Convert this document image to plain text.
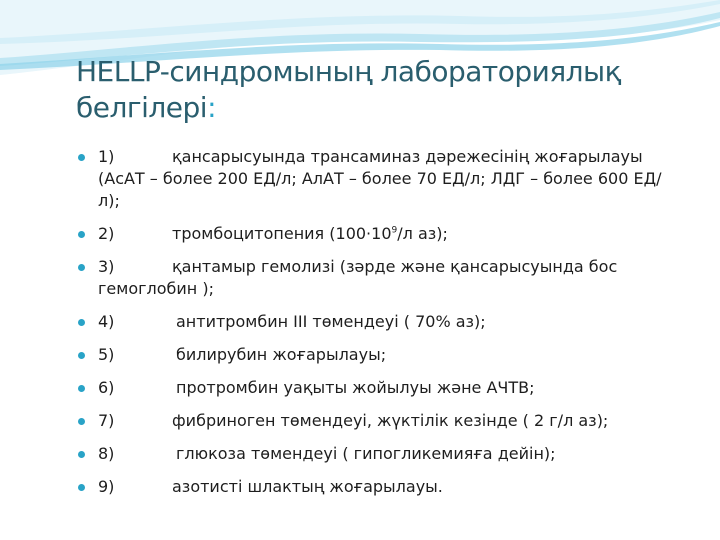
HELLP-синдромының лабораториялық белгілері:
1)	қансарысуында трансаминаз дәрежесінің жоғарылауы (АсАТ – более 200 ЕД/л; АлАТ – более 70 ЕД/л; ЛДГ – более 600 ЕД/л);
2)	тромбоцитопения ($100\cdot 10^9/л$ аз);
3)	қантамыр гемолизі (зәрде және қансарысуында бос гемоглобин );
4)	антитромбин III төмендеуі ( 70% аз);
5)	билирубин жоғарылауы;
6)	протромбин уақыты жойылуы және АЧТВ;
7)	фибриноген төмендеуі, жүктілік кезінде ( 2 г/л аз);
8)	глюкоза төмендеуі ( гипогликемияға дейін);
9)	азотисті шлактың жоғарылауы.
